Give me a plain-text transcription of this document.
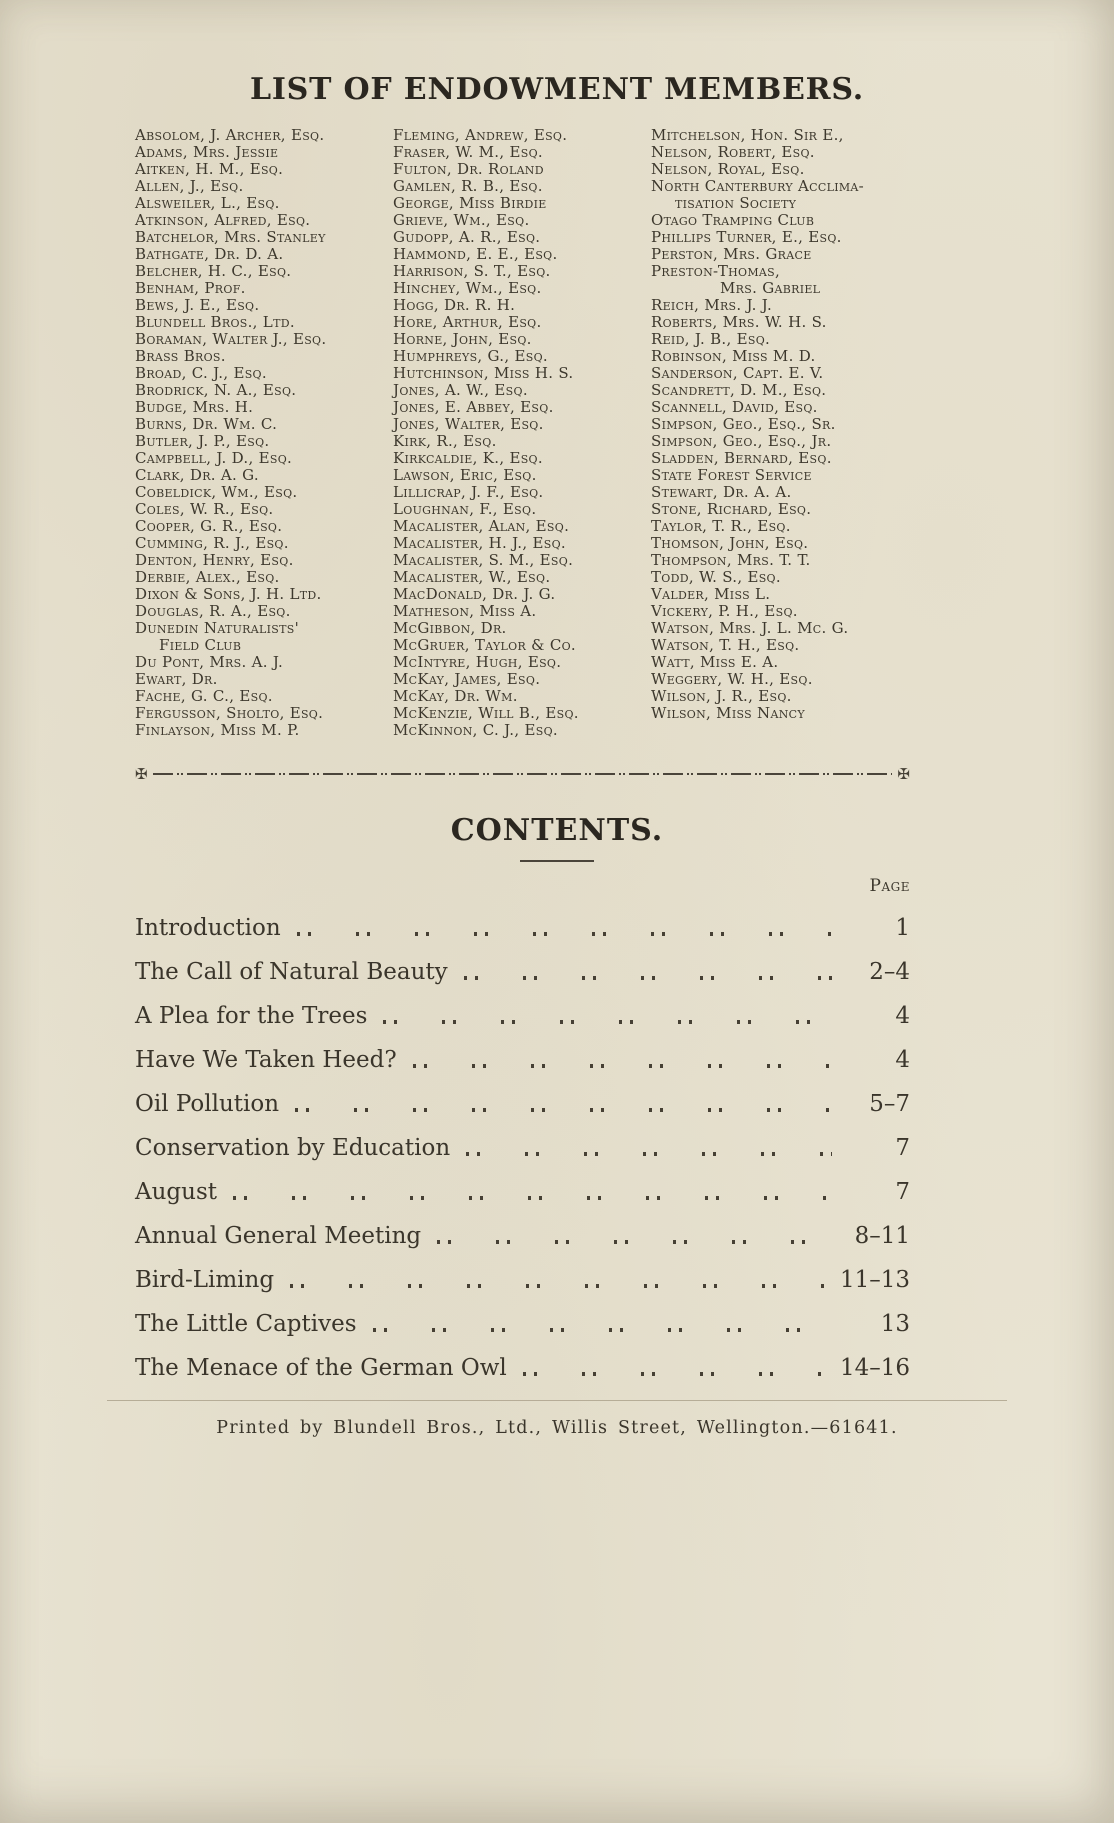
LIST OF ENDOWMENT MEMBERS.
Absolom, J. Archer, Esq.
Adams, Mrs. Jessie
Aitken, H. M., Esq.
Allen, J., Esq.
Alsweiler, L., Esq.
Atkinson, Alfred, Esq.
Batchelor, Mrs. Stanley
Bathgate, Dr. D. A.
Belcher, H. C., Esq.
Benham, Prof.
Bews, J. E., Esq.
Blundell Bros., Ltd.
Boraman, Walter J., Esq.
Brass Bros.
Broad, C. J., Esq.
Brodrick, N. A., Esq.
Budge, Mrs. H.
Burns, Dr. Wm. C.
Butler, J. P., Esq.
Campbell, J. D., Esq.
Clark, Dr. A. G.
Cobeldick, Wm., Esq.
Coles, W. R., Esq.
Cooper, G. R., Esq.
Cumming, R. J., Esq.
Denton, Henry, Esq.
Derbie, Alex., Esq.
Dixon & Sons, J. H. Ltd.
Douglas, R. A., Esq.
Dunedin Naturalists'
Field Club
Du Pont, Mrs. A. J.
Ewart, Dr.
Fache, G. C., Esq.
Fergusson, Sholto, Esq.
Finlayson, Miss M. P.
Fleming, Andrew, Esq.
Fraser, W. M., Esq.
Fulton, Dr. Roland
Gamlen, R. B., Esq.
George, Miss Birdie
Grieve, Wm., Esq.
Gudopp, A. R., Esq.
Hammond, E. E., Esq.
Harrison, S. T., Esq.
Hinchey, Wm., Esq.
Hogg, Dr. R. H.
Hore, Arthur, Esq.
Horne, John, Esq.
Humphreys, G., Esq.
Hutchinson, Miss H. S.
Jones, A. W., Esq.
Jones, E. Abbey, Esq.
Jones, Walter, Esq.
Kirk, R., Esq.
Kirkcaldie, K., Esq.
Lawson, Eric, Esq.
Lillicrap, J. F., Esq.
Loughnan, F., Esq.
Macalister, Alan, Esq.
Macalister, H. J., Esq.
Macalister, S. M., Esq.
Macalister, W., Esq.
MacDonald, Dr. J. G.
Matheson, Miss A.
McGibbon, Dr.
McGruer, Taylor & Co.
McIntyre, Hugh, Esq.
McKay, James, Esq.
McKay, Dr. Wm.
McKenzie, Will B., Esq.
McKinnon, C. J., Esq.
Mitchelson, Hon. Sir E.,
Nelson, Robert, Esq.
Nelson, Royal, Esq.
North Canterbury Acclima-
tisation Society
Otago Tramping Club
Phillips Turner, E., Esq.
Perston, Mrs. Grace
Preston-Thomas,
Mrs. Gabriel
Reich, Mrs. J. J.
Roberts, Mrs. W. H. S.
Reid, J. B., Esq.
Robinson, Miss M. D.
Sanderson, Capt. E. V.
Scandrett, D. M., Esq.
Scannell, David, Esq.
Simpson, Geo., Esq., Sr.
Simpson, Geo., Esq., Jr.
Sladden, Bernard, Esq.
State Forest Service
Stewart, Dr. A. A.
Stone, Richard, Esq.
Taylor, T. R., Esq.
Thomson, John, Esq.
Thompson, Mrs. T. T.
Todd, W. S., Esq.
Valder, Miss L.
Vickery, P. H., Esq.
Watson, Mrs. J. L. Mc. G.
Watson, T. H., Esq.
Watt, Miss E. A.
Weggery, W. H., Esq.
Wilson, J. R., Esq.
Wilson, Miss Nancy
✠	✠
CONTENTS.
Page
Introduction	1
The Call of Natural Beauty	2–4
A Plea for the Trees	4
Have We Taken Heed?	4
Oil Pollution	5–7
Conservation by Education	7
August	7
Annual General Meeting	8–11
Bird-Liming	11–13
The Little Captives	13
The Menace of the German Owl	14–16
Printed by Blundell Bros., Ltd., Willis Street, Wellington.—61641.
